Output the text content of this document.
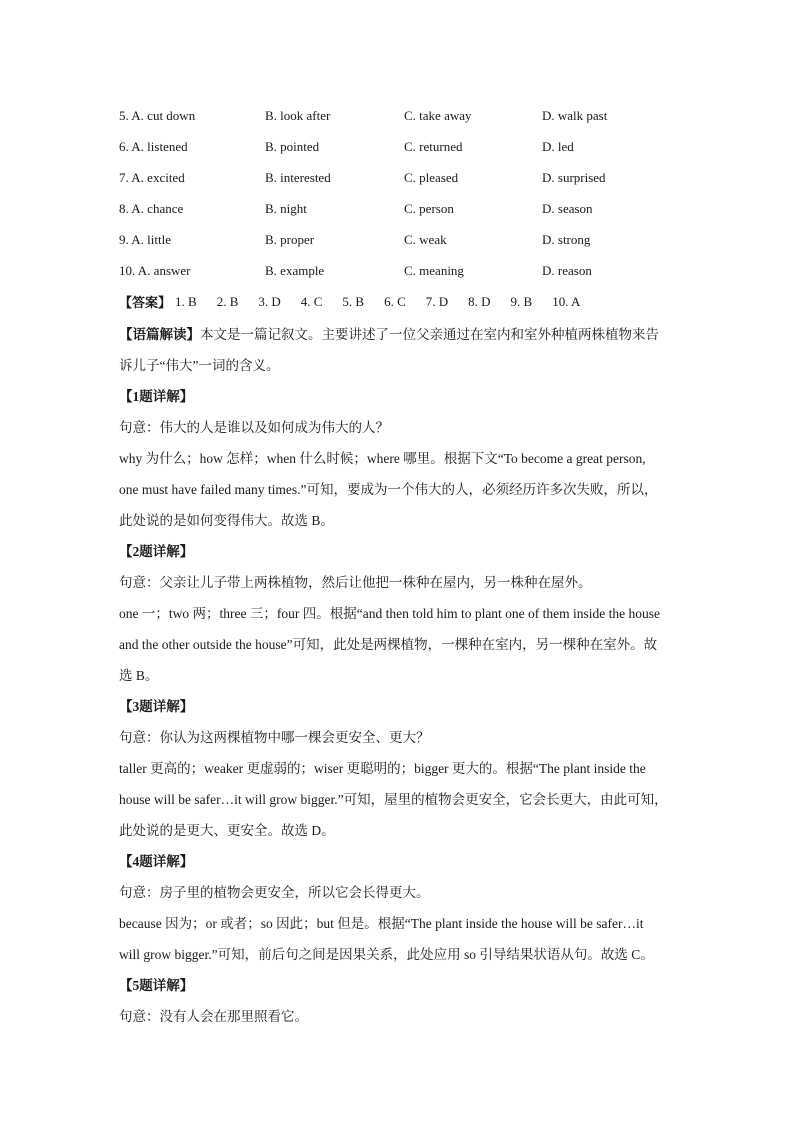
5. A. cut down	B. look after	C. take away	D. walk past
6. A. listened	B. pointed	C. returned	D. led
7. A. excited	B. interested	C. pleased	D. surprised
8. A. chance	B. night	C. person	D. season
9. A. little	B. proper	C. weak	D. strong
10. A. answer	B. example	C. meaning	D. reason
【答案】 1. B 2. B 3. D 4. C 5. B 6. C 7. D 8. D 9. B 10. A
【语篇解读】 本文是一篇记叙文。主要讲述了一位父亲通过在室内和室外种植两株植物来告
诉儿子“伟大”一词的含义。
【1题详解】
句意：伟大的人是谁以及如何成为伟大的人？
why 为什么；how 怎样；when 什么时候；where 哪里。根据下文“To become a great person,
one must have failed many times.”可知，要成为一个伟大的人，必须经历许多次失败，所以，
此处说的是如何变得伟大。故选 B。
【2题详解】
句意：父亲让儿子带上两株植物，然后让他把一株种在屋内，另一株种在屋外。
one 一；two 两；three 三；four 四。根据“and then told him to plant one of them inside the house
and the other outside the house”可知，此处是两棵植物，一棵种在室内，另一棵种在室外。故
选 B。
【3题详解】
句意：你认为这两棵植物中哪一棵会更安全、更大？
taller 更高的；weaker 更虚弱的；wiser 更聪明的；bigger 更大的。根据“The plant inside the
house will be safer…it will grow bigger.”可知，屋里的植物会更安全，它会长更大，由此可知，
此处说的是更大、更安全。故选 D。
【4题详解】
句意：房子里的植物会更安全，所以它会长得更大。
because 因为；or 或者；so 因此；but 但是。根据“The plant inside the house will be safer…it
will grow bigger.”可知，前后句之间是因果关系，此处应用 so 引导结果状语从句。故选 C。
【5题详解】
句意：没有人会在那里照看它。
